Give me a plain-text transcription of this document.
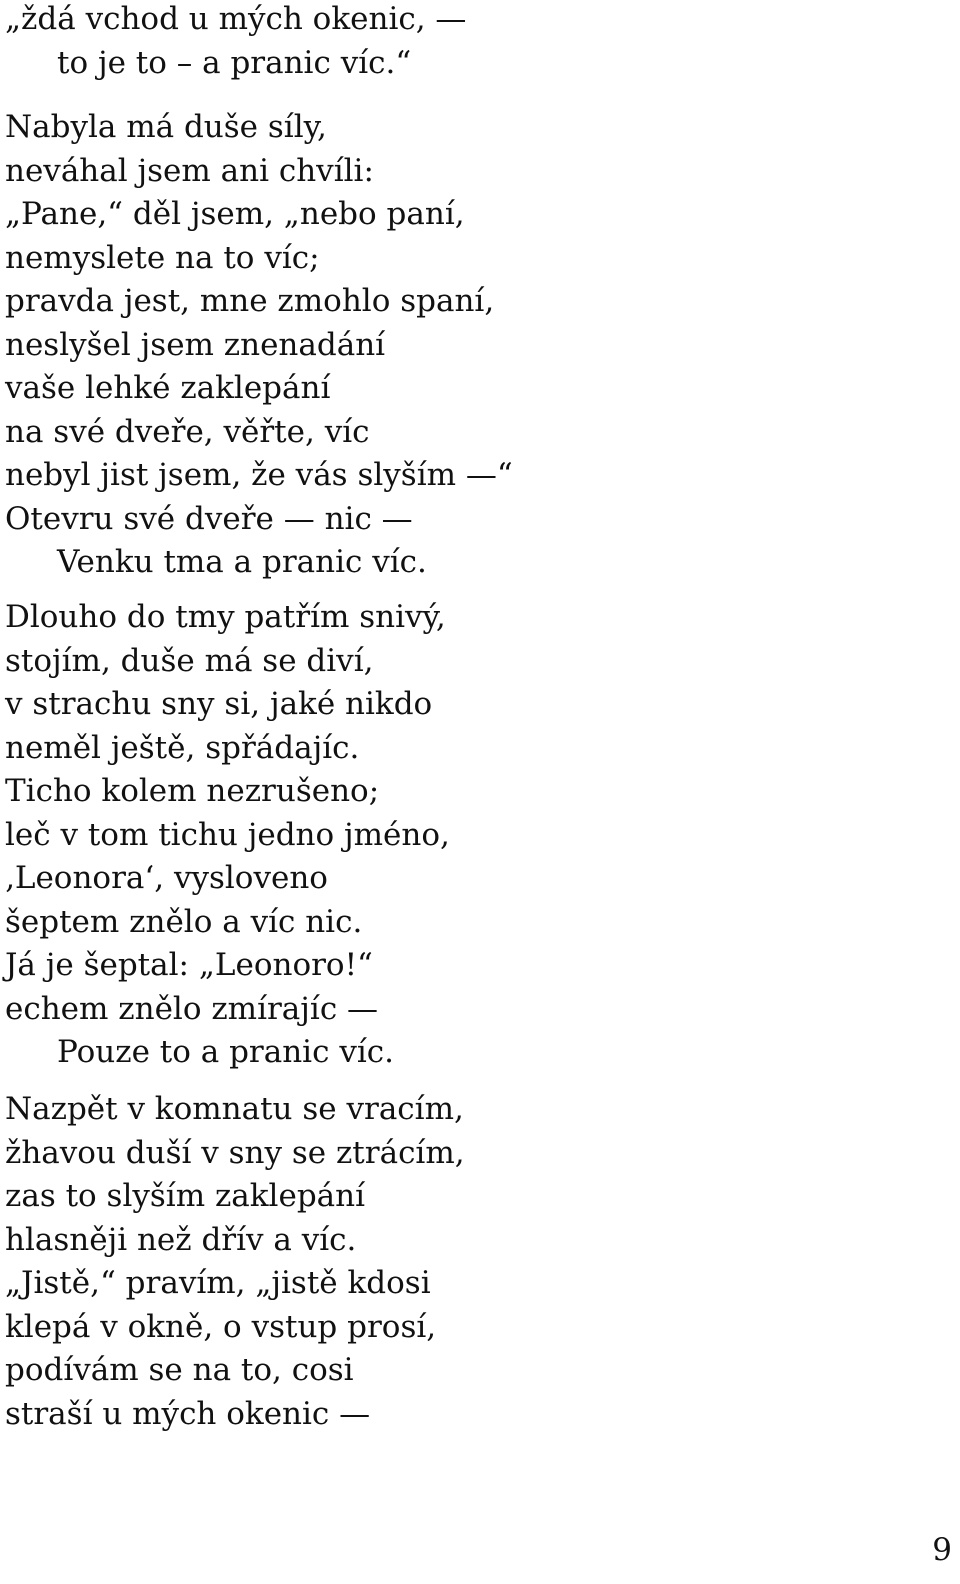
„ždá vchod u mých okenic, —
to je to – a pranic víc.“
Nabyla má duše síly,
neváhal jsem ani chvíli:
„Pane,“ děl jsem, „nebo paní,
nemyslete na to víc;
pravda jest, mne zmohlo spaní,
neslyšel jsem znenadání
vaše lehké zaklepání
na své dveře, věřte, víc
nebyl jist jsem, že vás slyším —“
Otevru své dveře — nic —
Venku tma a pranic víc.
Dlouho do tmy patřím snivý,
stojím, duše má se diví,
v strachu sny si, jaké nikdo
neměl ještě, spřádajíc.
Ticho kolem nezrušeno;
leč v tom tichu jedno jméno,
‚Leonora‘, vysloveno
šeptem znělo a víc nic.
Já je šeptal: „Leonoro!“
echem znělo zmírajíc —
Pouze to a pranic víc.
Nazpět v komnatu se vracím,
žhavou duší v sny se ztrácím,
zas to slyším zaklepání
hlasněji než dřív a víc.
„Jistě,“ pravím, „jistě kdosi
klepá v okně, o vstup prosí,
podívám se na to, cosi
straší u mých okenic —
9
